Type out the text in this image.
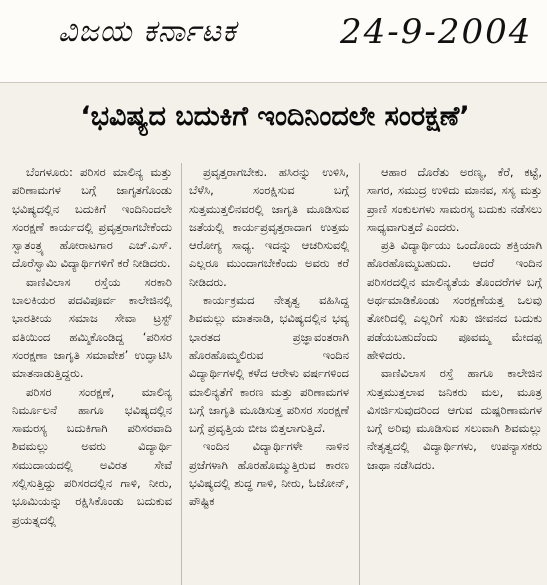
ವಿಜಯ ಕರ್ನಾಟಕ	24-9-2004
‘ಭವಿಷ್ಯದ ಬದುಕಿಗೆ ಇಂದಿನಿಂದಲೇ ಸಂರಕ್ಷಣೆ’

ಬೆಂಗಳೂರು: ಪರಿಸರ ಮಾಲಿನ್ಯ ಮತ್ತು ಪರಿಣಾಮಗಳ ಬಗ್ಗೆ ಜಾಗೃತಗೊಂಡು ಭವಿಷ್ಯದಲ್ಲಿನ ಬದುಕಿಗೆ ಇಂದಿನಿಂದಲೇ ಸಂರಕ್ಷಣೆ ಕಾರ್ಯದಲ್ಲಿ ಪ್ರವೃತ್ತರಾಗಬೇಕೆಂದು ಸ್ವಾತಂತ್ರ್ಯ ಹೋರಾಟಗಾರ ಎಚ್.ಎಸ್. ದೊರೆಸ್ವಾಮಿ ವಿದ್ಯಾರ್ಥಿಗಳಿಗೆ ಕರೆ ನೀಡಿದರು.

ವಾಣಿವಿಲಾಸ ರಸ್ತೆಯ ಸರಕಾರಿ ಬಾಲಕಿಯರ ಪದವಿಪೂರ್ವ ಕಾಲೇಜಿನಲ್ಲಿ ಭಾರತೀಯ ಸಮಾಜ ಸೇವಾ ಟ್ರಸ್ಟ್ ವತಿಯಿಂದ ಹಮ್ಮಿಕೊಂಡಿದ್ದ ‘ಪರಿಸರ ಸಂರಕ್ಷಣಾ ಜಾಗೃತಿ ಸಮಾವೇಶ’ ಉದ್ಘಾಟಿಸಿ ಮಾತನಾಡುತ್ತಿದ್ದರು.

ಪರಿಸರ ಸಂರಕ್ಷಣೆ, ಮಾಲಿನ್ಯ ನಿರ್ಮೂಲನೆ ಹಾಗೂ ಭವಿಷ್ಯದಲ್ಲಿನ ಸಾಮರಸ್ಯ ಬದುಕಿಗಾಗಿ ಪರಿಸರವಾದಿ ಶಿವಮಲ್ಲು ಅವರು ವಿದ್ಯಾರ್ಥಿ ಸಮುದಾಯದಲ್ಲಿ ಅವಿರತ ಸೇವೆ ಸಲ್ಲಿಸುತ್ತಿದ್ದು ಪರಿಸರದಲ್ಲಿನ ಗಾಳಿ, ನೀರು, ಭೂಮಿಯನ್ನು ರಕ್ಷಿಸಿಕೊಂಡು ಬದುಕುವ ಪ್ರಯತ್ನದಲ್ಲಿ

ಪ್ರವೃತ್ತರಾಗಬೇಕು. ಹಸಿರನ್ನು ಉಳಿಸಿ, ಬೆಳೆಸಿ, ಸಂರಕ್ಷಿಸುವ ಬಗ್ಗೆ ಸುತ್ತಮುತ್ತಲಿನವರಲ್ಲಿ ಜಾಗೃತಿ ಮೂಡಿಸುವ ಜತೆಯಲ್ಲಿ ಕಾರ್ಯಪ್ರವೃತ್ತರಾದಾಗ ಉತ್ತಮ ಆರೋಗ್ಯ ಸಾಧ್ಯ. ಇದನ್ನು ಆಚರಿಸುವಲ್ಲಿ ಎಲ್ಲರೂ ಮುಂದಾಗಬೇಕೆಂದು ಅವರು ಕರೆ ನೀಡಿದರು.

ಕಾರ್ಯಕ್ರಮದ ನೇತೃತ್ವ ವಹಿಸಿದ್ದ ಶಿವಮಲ್ಲು ಮಾತನಾಡಿ, ಭವಿಷ್ಯದಲ್ಲಿನ ಭವ್ಯ ಭಾರತದ ಪ್ರಜ್ಞಾವಂತರಾಗಿ ಹೊರಹೊಮ್ಮಲಿರುವ ಇಂದಿನ ವಿದ್ಯಾರ್ಥಿಗಳಲ್ಲಿ ಕಳೆದ ಆರೇಳು ವರ್ಷಗಳಿಂದ ಮಾಲಿನ್ಯತೆಗೆ ಕಾರಣ ಮತ್ತು ಪರಿಣಾಮಗಳ ಬಗ್ಗೆ ಜಾಗೃತಿ ಮೂಡಿಸುತ್ತ ಪರಿಸರ ಸಂರಕ್ಷಣೆ ಬಗ್ಗೆ ಪ್ರವೃತ್ತಿಯ ಬೀಜ ಬಿತ್ತಲಾಗುತ್ತಿದೆ.

ಇಂದಿನ ವಿದ್ಯಾರ್ಥಿಗಳೇ ನಾಳಿನ ಪ್ರಜೆಗಳಾಗಿ ಹೊರಹೊಮ್ಮುತ್ತಿರುವ ಕಾರಣ ಭವಿಷ್ಯದಲ್ಲಿ ಶುದ್ಧ ಗಾಳಿ, ನೀರು, ಓಜೋನ್, ಪೌಷ್ಟಿಕ

ಆಹಾರ ದೊರೆತು ಅರಣ್ಯ, ಕೆರೆ, ಕಟ್ಟೆ, ಸಾಗರ, ಸಮುದ್ರ ಉಳಿದು ಮಾನವ, ಸಸ್ಯ ಮತ್ತು ಪ್ರಾಣಿ ಸಂಕುಲಗಳು ಸಾಮರಸ್ಯ ಬದುಕು ನಡೆಸಲು ಸಾಧ್ಯವಾಗುತ್ತದೆ ಎಂದರು.

ಪ್ರತಿ ವಿದ್ಯಾರ್ಥಿಯು ಒಂದೊಂದು ಶಕ್ತಿಯಾಗಿ ಹೊರಹೊಮ್ಮಬಹುದು. ಆದರೆ ಇಂದಿನ ಪರಿಸರದಲ್ಲಿನ ಮಾಲಿನ್ಯತೆಯ ತೊಂದರೆಗಳ ಬಗ್ಗೆ ಅರ್ಥಮಾಡಿಕೊಂಡು ಸಂರಕ್ಷಣೆಯತ್ತ ಒಲವು ತೋರಿದಲ್ಲಿ ಎಲ್ಲರಿಗೆ ಸುಖ ಜೀವನದ ಬದುಕು ಪಡೆಯಬಹುದೆಂದು ಪೂವಮ್ಮ ಮೇದಪ್ಪ ಹೇಳಿದರು.

ವಾಣಿವಿಲಾಸ ರಸ್ತೆ ಹಾಗೂ ಕಾಲೇಜಿನ ಸುತ್ತಮುತ್ತಲಾವ ಜನಿಕರು ಮಲ, ಮೂತ್ರ ವಿಸರ್ಜಿಸುವುದರಿಂದ ಆಗುವ ದುಷ್ಪರಿಣಾಮಗಳ ಬಗ್ಗೆ ಅರಿವು ಮೂಡಿಸುವ ಸಲುವಾಗಿ ಶಿವಮಲ್ಲು ನೇತೃತ್ವದಲ್ಲಿ ವಿದ್ಯಾರ್ಥಿಗಳು, ಉಪನ್ಯಾಸಕರು ಜಾಥಾ ನಡೆಸಿದರು.
